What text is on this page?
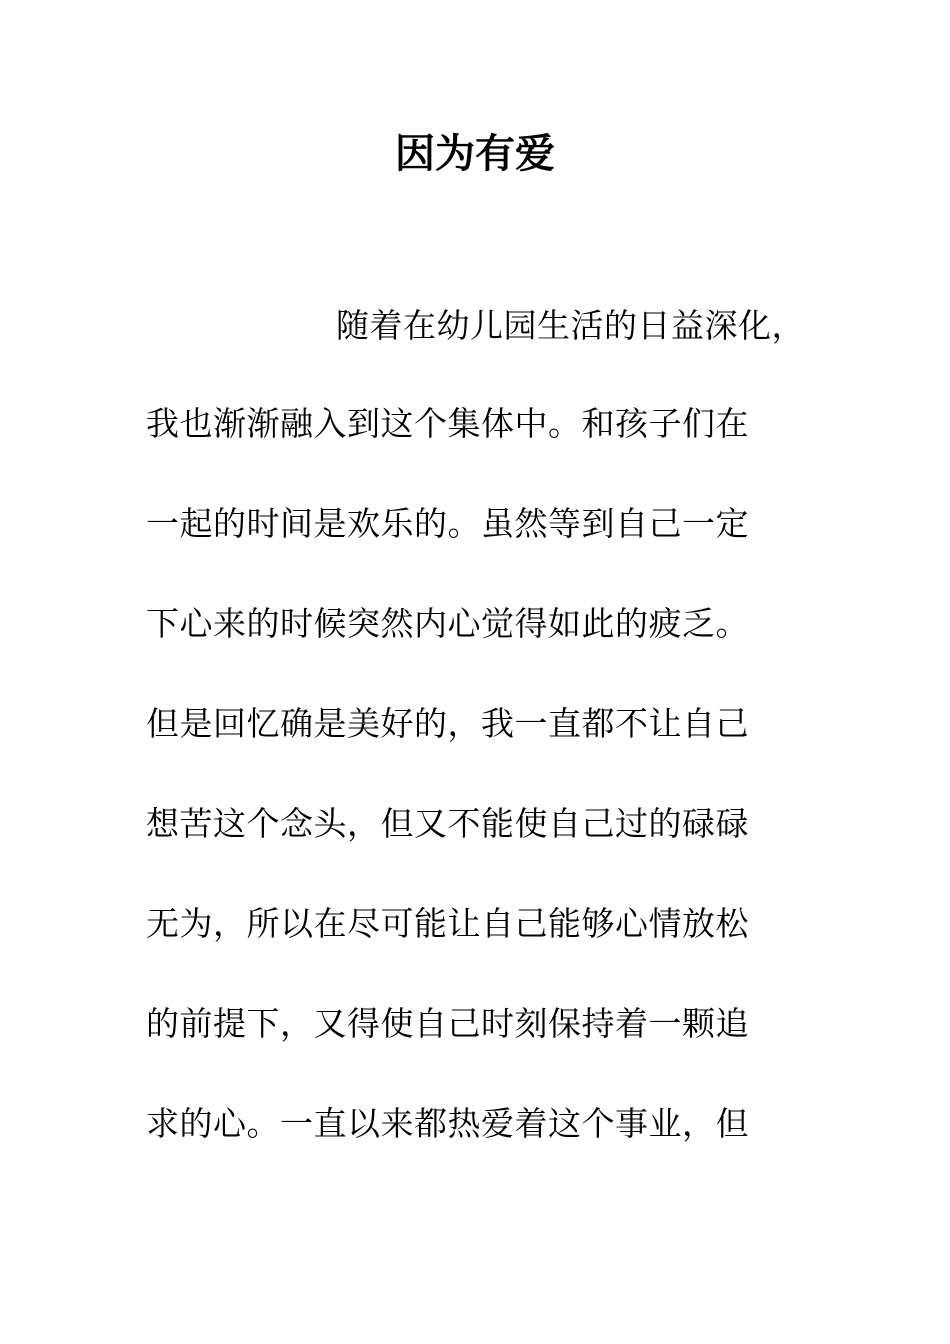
因为有爱
随着在幼儿园生活的日益深化，
我也渐渐融入到这个集体中。和孩子们在
一起的时间是欢乐的。虽然等到自己一定
下心来的时候突然内心觉得如此的疲乏。
但是回忆确是美好的，我一直都不让自己
想苦这个念头，但又不能使自己过的碌碌
无为，所以在尽可能让自己能够心情放松
的前提下，又得使自己时刻保持着一颗追
求的心。一直以来都热爱着这个事业，但
